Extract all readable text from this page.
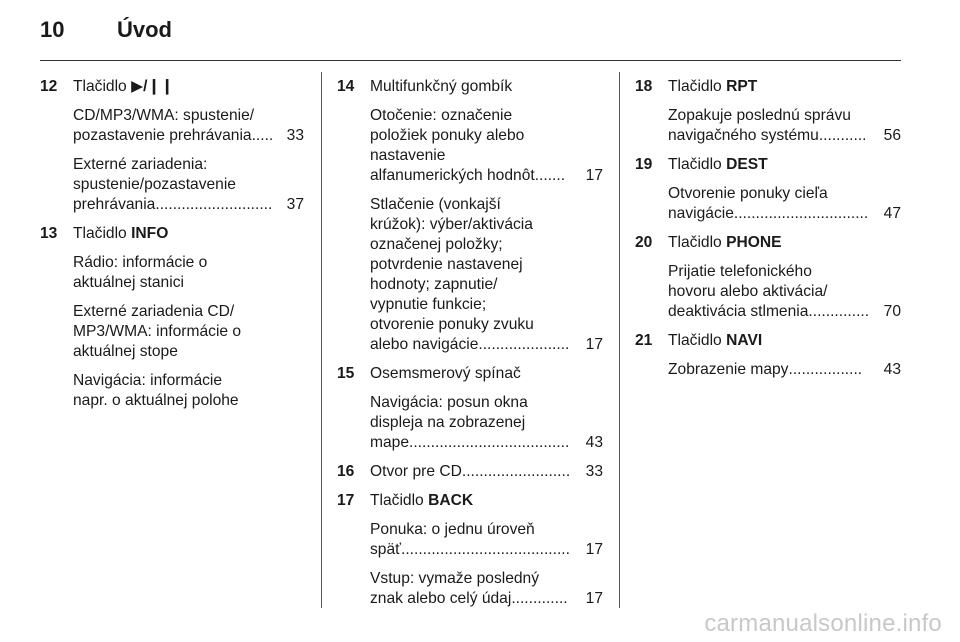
10 Úvod
12 Tlačidlo ▶/❙❙
CD/MP3/WMA: spustenie/
pozastavenie prehrávania ..... 33
Externé zariadenia:
spustenie/pozastavenie
prehrávania ........................... 37
13 Tlačidlo INFO
Rádio: informácie o
aktuálnej stanici
Externé zariadenia CD/
MP3/WMA: informácie o
aktuálnej stope
Navigácia: informácie
napr. o aktuálnej polohe
14 Multifunkčný gombík
Otočenie: označenie
položiek ponuky alebo
nastavenie
alfanumerických hodnôt .......	17
Stlačenie (vonkajší
krúžok): výber/aktivácia
označenej položky;
potvrdenie nastavenej
hodnoty; zapnutie/
vypnutie funkcie;
otvorenie ponuky zvuku
alebo navigácie .....................	17
15 Osemsmerový spínač
Navigácia: posun okna
displeja na zobrazenej
mape .....................................	43
16 Otvor pre CD ......................... 33
17 Tlačidlo BACK
Ponuka: o jednu úroveň
späť .......................................	17
Vstup: vymaže posledný
znak alebo celý údaj .............	17
18 Tlačidlo RPT
Zopakuje poslednú správu
navigačného systému ...........	56
19 Tlačidlo DEST
Otvorenie ponuky cieľa
navigácie ............................... 47
20 Tlačidlo PHONE
Prijatie telefonického
hovoru alebo aktivácia/
deaktivácia stlmenia .............. 70
21 Tlačidlo NAVI
Zobrazenie mapy .................	43
carmanualsonline.info
